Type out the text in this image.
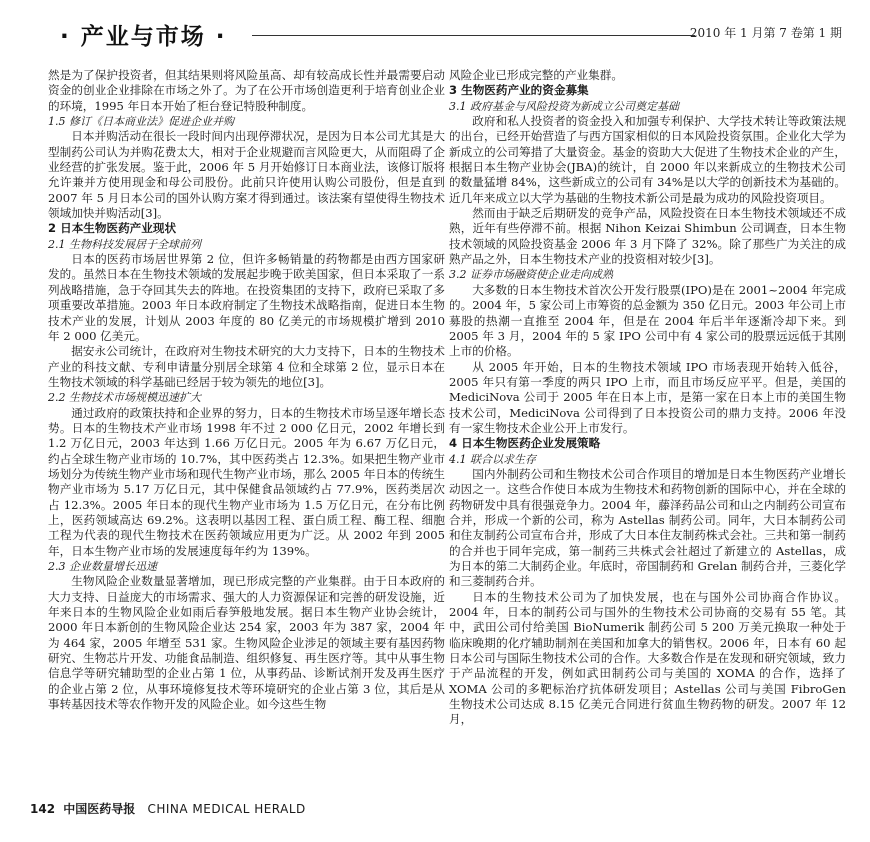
· 产业与市场 ·	2010 年 1 月第 7 卷第 1 期

然是为了保护投资者，但其结果则将风险虽高、却有较高成长性并最需要启动资金的创业企业排除在市场之外了。为了在公开市场创造更利于培育创业企业的环境，1995 年日本开始了柜台登记特股种制度。

1.5 修订《日本商业法》促进企业并购

日本并购活动在很长一段时间内出现停滞状况，是因为日本公司尤其是大型制药公司认为并购花费太大，相对于企业规避而言风险更大，从而阻碍了企业经营的扩张发展。鉴于此，2006 年 5 月开始修订日本商业法，该修订版将允许兼并方使用现金和母公司股份。此前只许使用认购公司股份，但是直到 2007 年 5 月日本公司的国外认购方案才得到通过。该法案有望使得生物技术领域加快并购活动[3]。

2 日本生物医药产业现状
2.1 生物科技发展居于全球前列

日本的医药市场居世界第 2 位，但许多畅销量的药物都是由西方国家研发的。虽然日本在生物技术领域的发展起步晚于欧美国家，但日本采取了一系列战略措施，急于夺回其失去的阵地。在投资集团的支持下，政府已采取了多项重要改革措施。2003 年日本政府制定了生物技术战略指南，促进日本生物技术产业的发展，计划从 2003 年度的 80 亿美元的市场规模扩增到 2010 年 2 000 亿美元。

据安永公司统计，在政府对生物技术研究的大力支持下，日本的生物技术产业的科技文献、专利申请量分别居全球第 4 位和全球第 2 位，显示日本在生物技术领域的科学基础已经居于较为领先的地位[3]。

2.2 生物技术市场规模迅速扩大

通过政府的政策扶持和企业界的努力，日本的生物技术市场呈逐年增长态势。日本的生物技术产业市场 1998 年不过 2 000 亿日元，2002 年增长到 1.2 万亿日元，2003 年达到 1.66 万亿日元。2005 年为 6.67 万亿日元，约占全球生物产业市场的 10.7%，其中医药类占 12.3%。如果把生物产业市场划分为传统生物产业市场和现代生物产业市场，那么 2005 年日本的传统生物产业市场为 5.17 万亿日元，其中保健食品领域约占 77.9%，医药类居次占 12.3%。2005 年日本的现代生物产业市场为 1.5 万亿日元，在分布比例上，医药领域高达 69.2%。这表明以基因工程、蛋白质工程、酶工程、细胞工程为代表的现代生物技术在医药领域应用更为广泛。从 2002 年到 2005 年，日本生物产业市场的发展速度每年约为 139%。

2.3 企业数量增长迅速

生物风险企业数量显著增加，现已形成完整的产业集群。由于日本政府的大力支持、日益庞大的市场需求、强大的人力资源保证和完善的研发设施，近年来日本的生物风险企业如雨后春笋般地发展。据日本生物产业协会统计，2000 年日本新创的生物风险企业达 254 家，2003 年为 387 家，2004 年为 464 家，2005 年增至 531 家。生物风险企业涉足的领域主要有基因药物研究、生物芯片开发、功能食品制造、组织修复、再生医疗等。其中从事生物信息学等研究辅助型的企业占第 1 位，从事药品、诊断试剂开发及再生医疗的企业占第 2 位，从事环境修复技术等环境研究的企业占第 3 位，其后是从事转基因技术等农作物开发的风险企业。如今这些生物

风险企业已形成完整的产业集群。

3 生物医药产业的资金募集
3.1 政府基金与风险投资为新成立公司奠定基础

政府和私人投资者的资金投入和加强专利保护、大学技术转让等政策法规的出台，已经开始营造了与西方国家相似的日本风险投资氛围。企业化大学为新成立的公司筹措了大量资金。基金的资助大大促进了生物技术企业的产生，根据日本生物产业协会(JBA)的统计，自 2000 年以来新成立的生物技术公司的数量猛增 84%，这些新成立的公司有 34%是以大学的创新技术为基础的。近几年来成立以大学为基础的生物技术新公司是最为成功的风险投资项目。

然而由于缺乏后期研发的竞争产品，风险投资在日本生物技术领域还不成熟，近年有些停滞不前。根据 Nihon Keizai Shimbun 公司调查，日本生物技术领域的风险投资基金 2006 年 3 月下降了 32%。除了那些广为关注的成熟产品之外，日本生物技术产业的投资相对较少[3]。

3.2 证券市场融资使企业走向成熟

大多数的日本生物技术首次公开发行股票(IPO)是在 2001~2004 年完成的。2004 年，5 家公司上市筹资的总金额为 350 亿日元。2003 年公司上市募股的热潮一直推至 2004 年，但是在 2004 年后半年逐渐冷却下来。到 2005 年 3 月，2004 年的 5 家 IPO 公司中有 4 家公司的股票远远低于其刚上市的价格。

从 2005 年开始，日本的生物技术领域 IPO 市场表现开始转入低谷，2005 年只有第一季度的两只 IPO 上市，而且市场反应平平。但是，美国的 MediciNova 公司于 2005 年在日本上市，是第一家在日本上市的美国生物技术公司，MediciNova 公司得到了日本投资公司的鼎力支持。2006 年没有一家生物技术企业公开上市发行。

4 日本生物医药企业发展策略
4.1 联合以求生存

国内外制药公司和生物技术公司合作项目的增加是日本生物医药产业增长动因之一。这些合作使日本成为生物技术和药物创新的国际中心，并在全球的药物研发中具有很强竞争力。2004 年，藤泽药品公司和山之内制药公司宣布合并，形成一个新的公司，称为 Astellas 制药公司。同年，大日本制药公司和住友制药公司宣布合并，形成了大日本住友制药株式会社。三共和第一制药的合并也于同年完成，第一制药三共株式会社超过了新建立的 Astellas，成为日本的第二大制药企业。年底时，帝国制药和 Grelan 制药合并，三菱化学和三菱制药合并。

日本的生物技术公司为了加快发展，也在与国外公司协商合作协议。2004 年，日本的制药公司与国外的生物技术公司协商的交易有 55 笔。其中，武田公司付给美国 BioNumerik 制药公司 5 200 万美元换取一种处于临床晚期的化疗辅助制剂在美国和加拿大的销售权。2006 年，日本有 60 起日本公司与国际生物技术公司的合作。大多数合作是在发现和研究领域，致力于产品流程的开发，例如武田制药公司与美国的 XOMA 的合作，选择了 XOMA 公司的多靶标治疗抗体研发项目；Astellas 公司与美国 FibroGen 生物技术公司达成 8.15 亿美元合同进行贫血生物药物的研发。2007 年 12 月，

142 中国医药导报 CHINA MEDICAL HERALD
